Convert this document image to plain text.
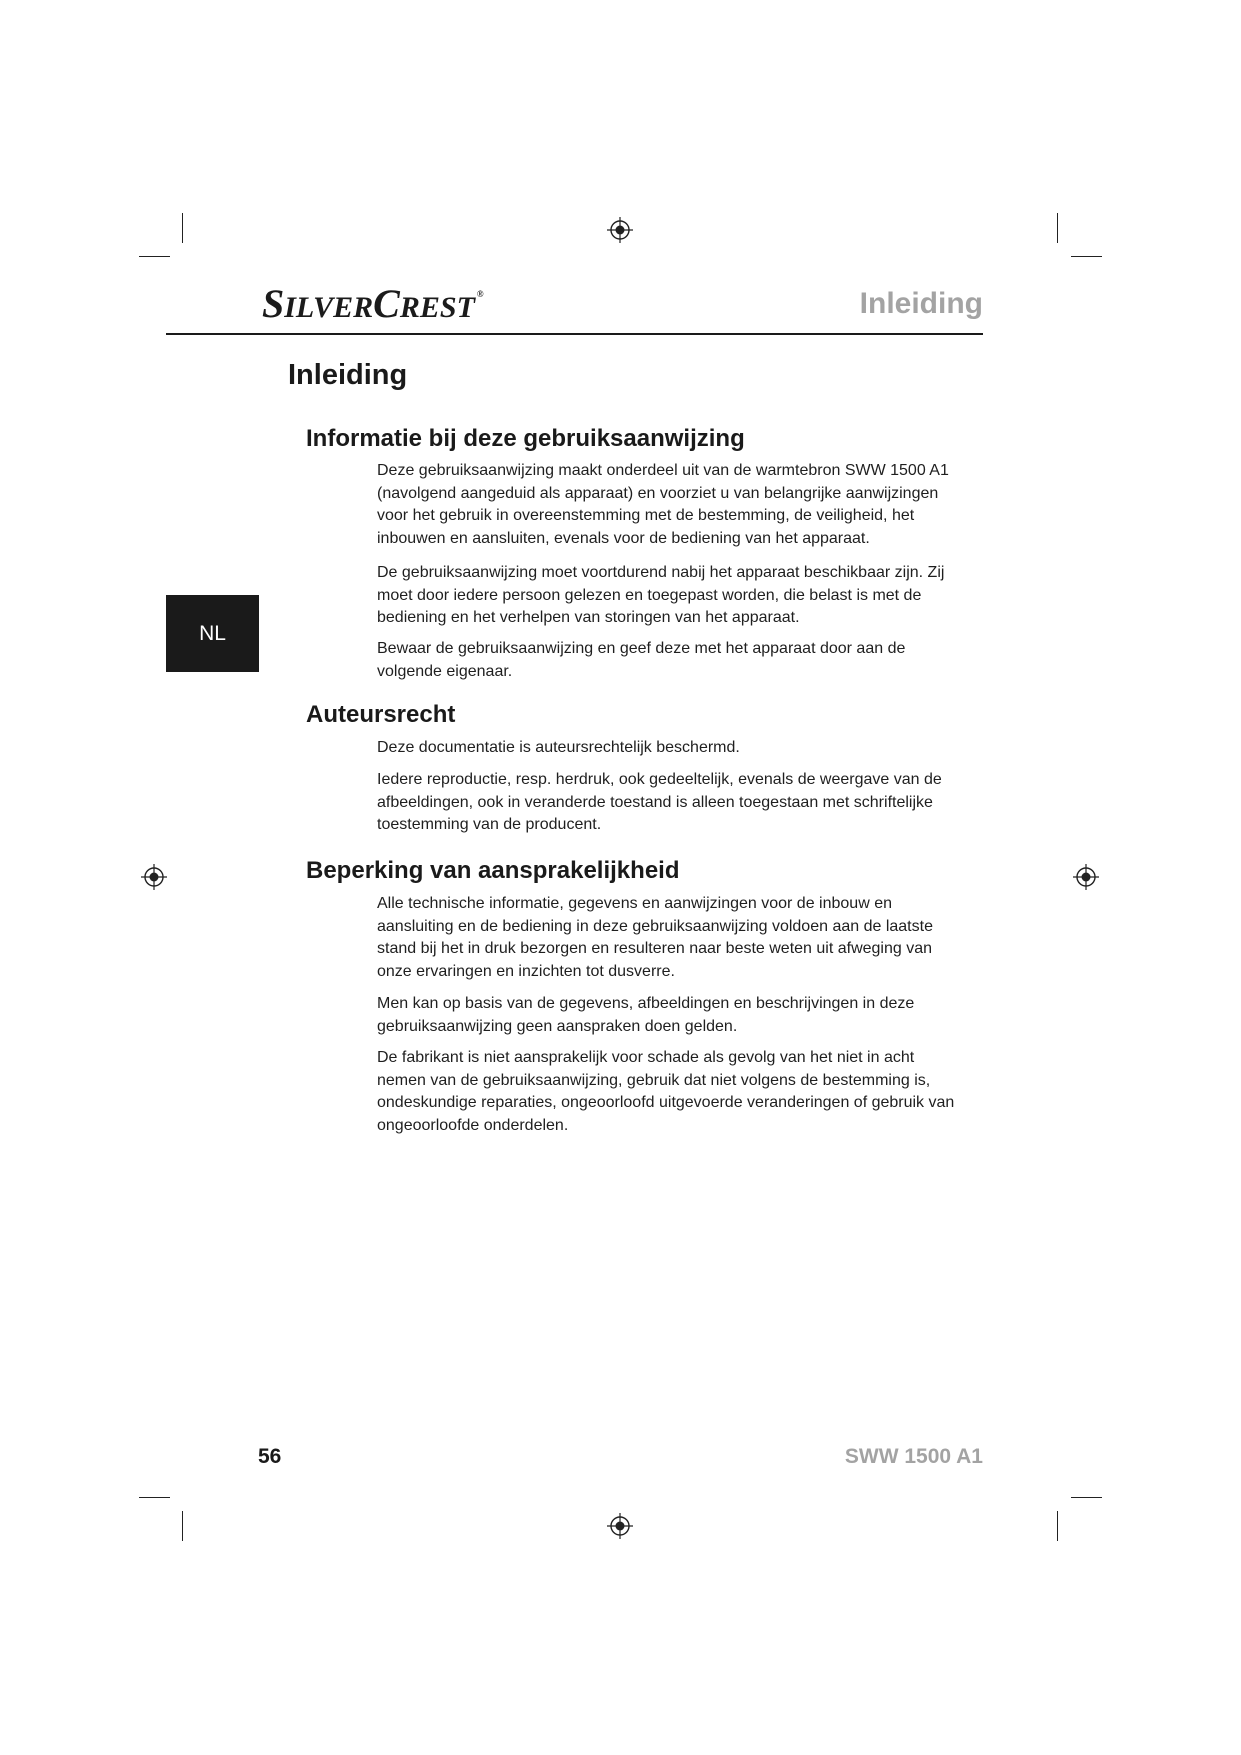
SILVERCREST ®	Inleiding
NL
Inleiding
Informatie bij deze gebruiksaanwijzing

Deze gebruiksaanwijzing maakt onderdeel uit van de warmtebron SWW 1500 A1 (navolgend aangeduid als apparaat) en voorziet u van belangrijke aanwijzingen voor het gebruik in overeenstemming met de bestemming, de veiligheid, het inbouwen en aansluiten, evenals voor de bediening van het apparaat.

De gebruiksaanwijzing moet voortdurend nabij het apparaat beschikbaar zijn. Zij moet door iedere persoon gelezen en toegepast worden, die belast is met de bediening en het verhelpen van storingen van het apparaat.

Bewaar de gebruiksaanwijzing en geef deze met het apparaat door aan de volgende eigenaar.

Auteursrecht

Deze documentatie is auteursrechtelijk beschermd.

Iedere reproductie, resp. herdruk, ook gedeeltelijk, evenals de weergave van de afbeeldingen, ook in veranderde toestand is alleen toegestaan met schriftelijke toestemming van de producent.

Beperking van aansprakelijkheid

Alle technische informatie, gegevens en aanwijzingen voor de inbouw en aansluiting en de bediening in deze gebruiksaanwijzing voldoen aan de laatste stand bij het in druk bezorgen en resulteren naar beste weten uit afweging van onze ervaringen en inzichten tot dusverre.

Men kan op basis van de gegevens, afbeeldingen en beschrijvingen in deze gebruiksaanwijzing geen aanspraken doen gelden.

De fabrikant is niet aansprakelijk voor schade als gevolg van het niet in acht nemen van de gebruiksaanwijzing, gebruik dat niet volgens de bestemming is, ondeskundige reparaties, ongeoorloofd uitgevoerde veranderingen of gebruik van ongeoorloofde onderdelen.

56	SWW 1500 A1
